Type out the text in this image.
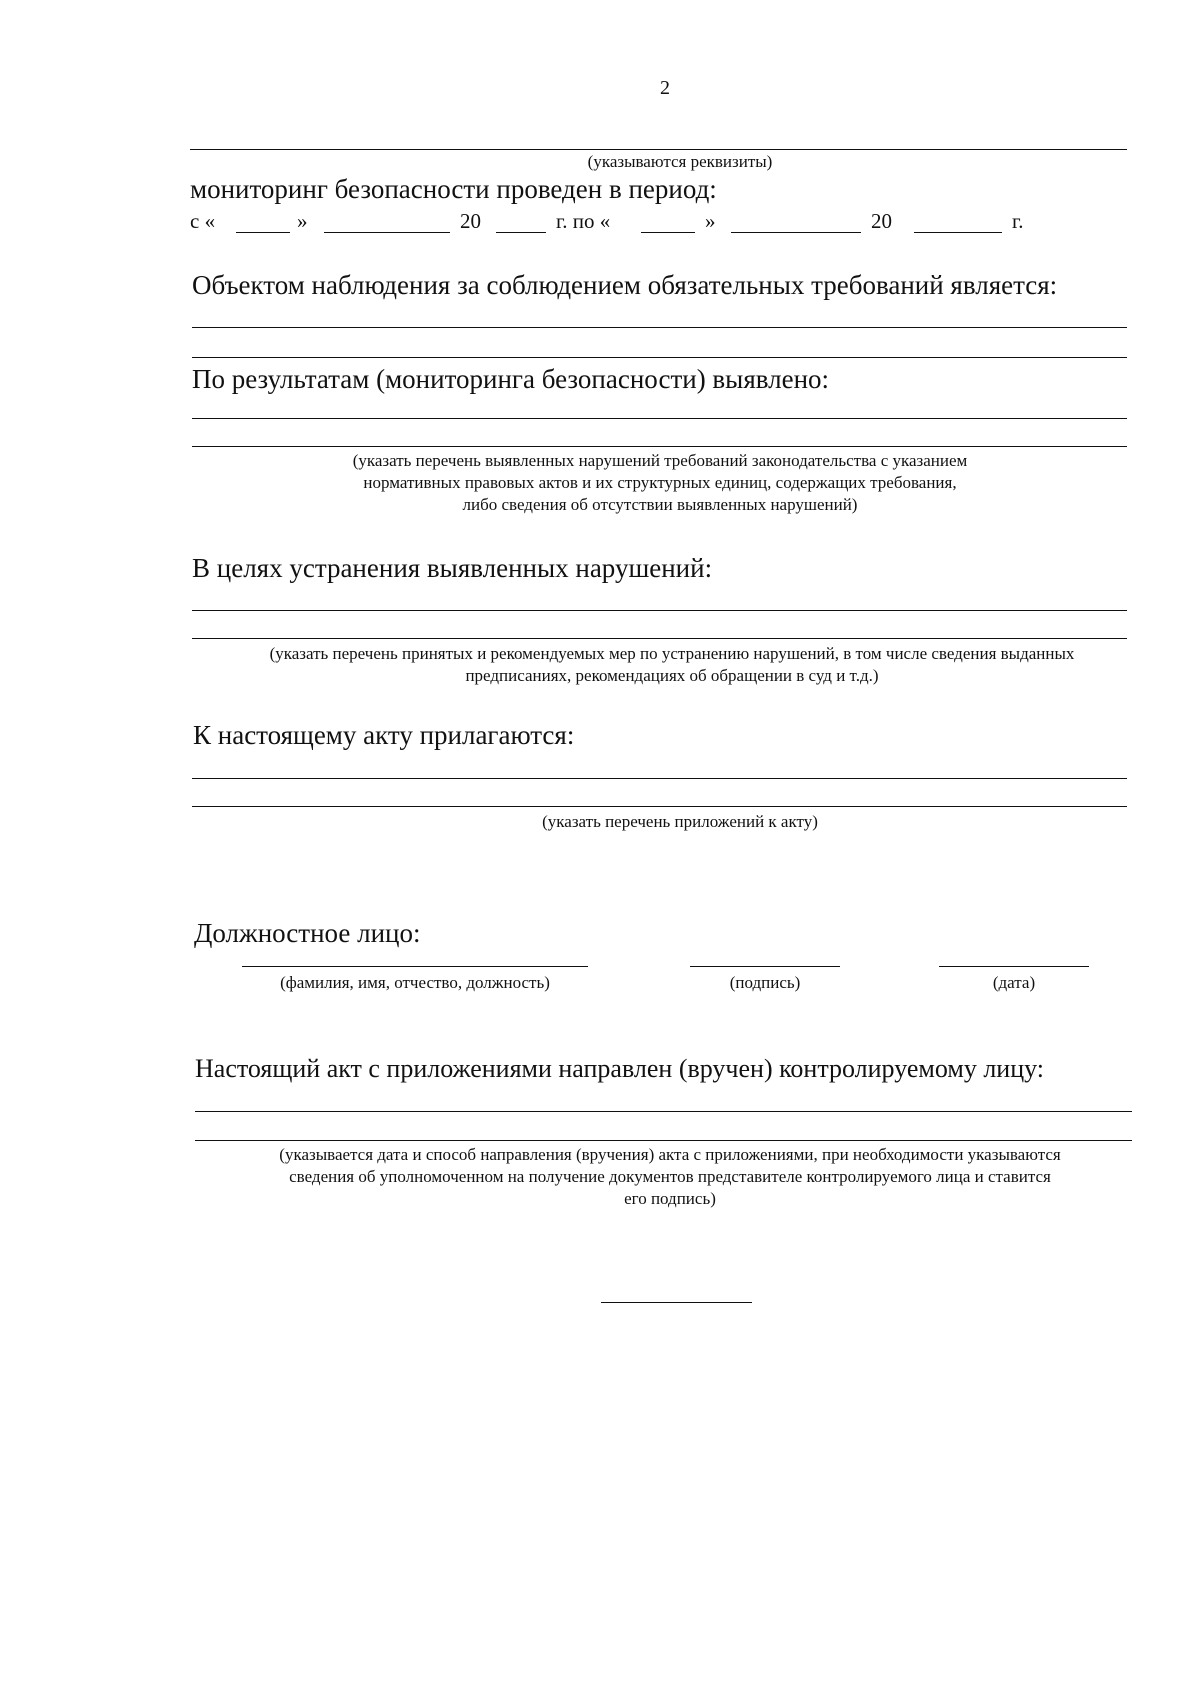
2
(указываются реквизиты)
мониторинг безопасности проведен в период:
с «	»	20	г. по «	»	20	г.
Объектом наблюдения за соблюдением обязательных требований является:
По результатам (мониторинга безопасности) выявлено:
(указать перечень выявленных нарушений требований законодательства с указанием
нормативных правовых актов и их структурных единиц, содержащих требования,
либо сведения об отсутствии выявленных нарушений)
В целях устранения выявленных нарушений:
(указать перечень принятых и рекомендуемых мер по устранению нарушений, в том числе сведения выданных
предписаниях, рекомендациях об обращении в суд и т.д.)
К настоящему акту прилагаются:
(указать перечень приложений к акту)
Должностное лицо:
(фамилия, имя, отчество, должность)	(подпись)	(дата)
Настоящий акт с приложениями направлен (вручен) контролируемому лицу:
(указывается дата и способ направления (вручения) акта с приложениями, при необходимости указываются
сведения об уполномоченном на получение документов представителе контролируемого лица и ставится
его подпись)
